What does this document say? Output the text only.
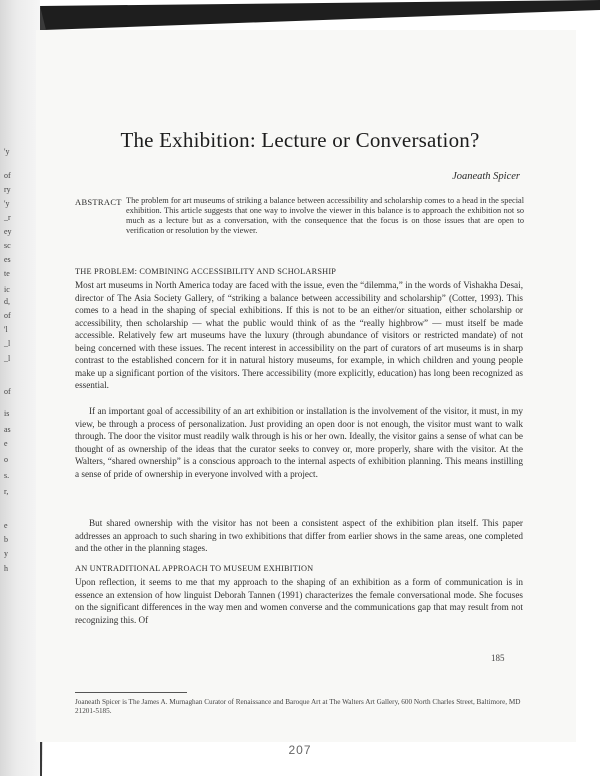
'y
of
ry
'y
_r
ey
sc
es
te
ic
d,
of
'l
_l
_l
of
is
as
e
o
s.
r,
e
b
y
h
The Exhibition: Lecture or Conversation?
Joaneath Spicer
ABSTRACT The problem for art museums of striking a balance between accessibility and scholarship comes to a head in the special exhibition. This article suggests that one way to involve the viewer in this balance is to approach the exhibition not so much as a lecture but as a conversation, with the consequence that the focus is on those issues that are open to verification or resolution by the viewer.
THE PROBLEM: COMBINING ACCESSIBILITY AND SCHOLARSHIP
Most art museums in North America today are faced with the issue, even the “dilemma,” in the words of Vishakha Desai, director of The Asia Society Gallery, of “striking a balance between accessibility and scholarship” (Cotter, 1993). This comes to a head in the shaping of special exhibitions. If this is not to be an either/or situation, either scholarship or accessibility, then scholarship — what the public would think of as the “really highbrow” — must itself be made accessible. Relatively few art museums have the luxury (through abundance of visitors or restricted mandate) of not being concerned with these issues. The recent interest in accessibility on the part of curators of art museums is in sharp contrast to the established concern for it in natural history museums, for example, in which children and young people make up a significant portion of the visitors. There accessibility (more explicitly, education) has long been recognized as essential.
If an important goal of accessibility of an art exhibition or installation is the involvement of the visitor, it must, in my view, be through a process of personalization. Just providing an open door is not enough, the visitor must want to walk through. The door the visitor must readily walk through is his or her own. Ideally, the visitor gains a sense of what can be thought of as ownership of the ideas that the curator seeks to convey or, more properly, share with the visitor. At the Walters, “shared ownership” is a conscious approach to the internal aspects of exhibition planning. This means instilling a sense of pride of ownership in everyone involved with a project.
But shared ownership with the visitor has not been a consistent aspect of the exhibition plan itself. This paper addresses an approach to such sharing in two exhibitions that differ from earlier shows in the same areas, one completed and the other in the planning stages.
AN UNTRADITIONAL APPROACH TO MUSEUM EXHIBITION
Upon reflection, it seems to me that my approach to the shaping of an exhibition as a form of communication is in essence an extension of how linguist Deborah Tannen (1991) characterizes the female conversational mode. She focuses on the significant differences in the way men and women converse and the communications gap that may result from not recognizing this. Of
Joaneath Spicer is The James A. Murnaghan Curator of Renaissance and Baroque Art at The Walters Art Gallery, 600 North Charles Street, Baltimore, MD 21201-5185.
185
207
